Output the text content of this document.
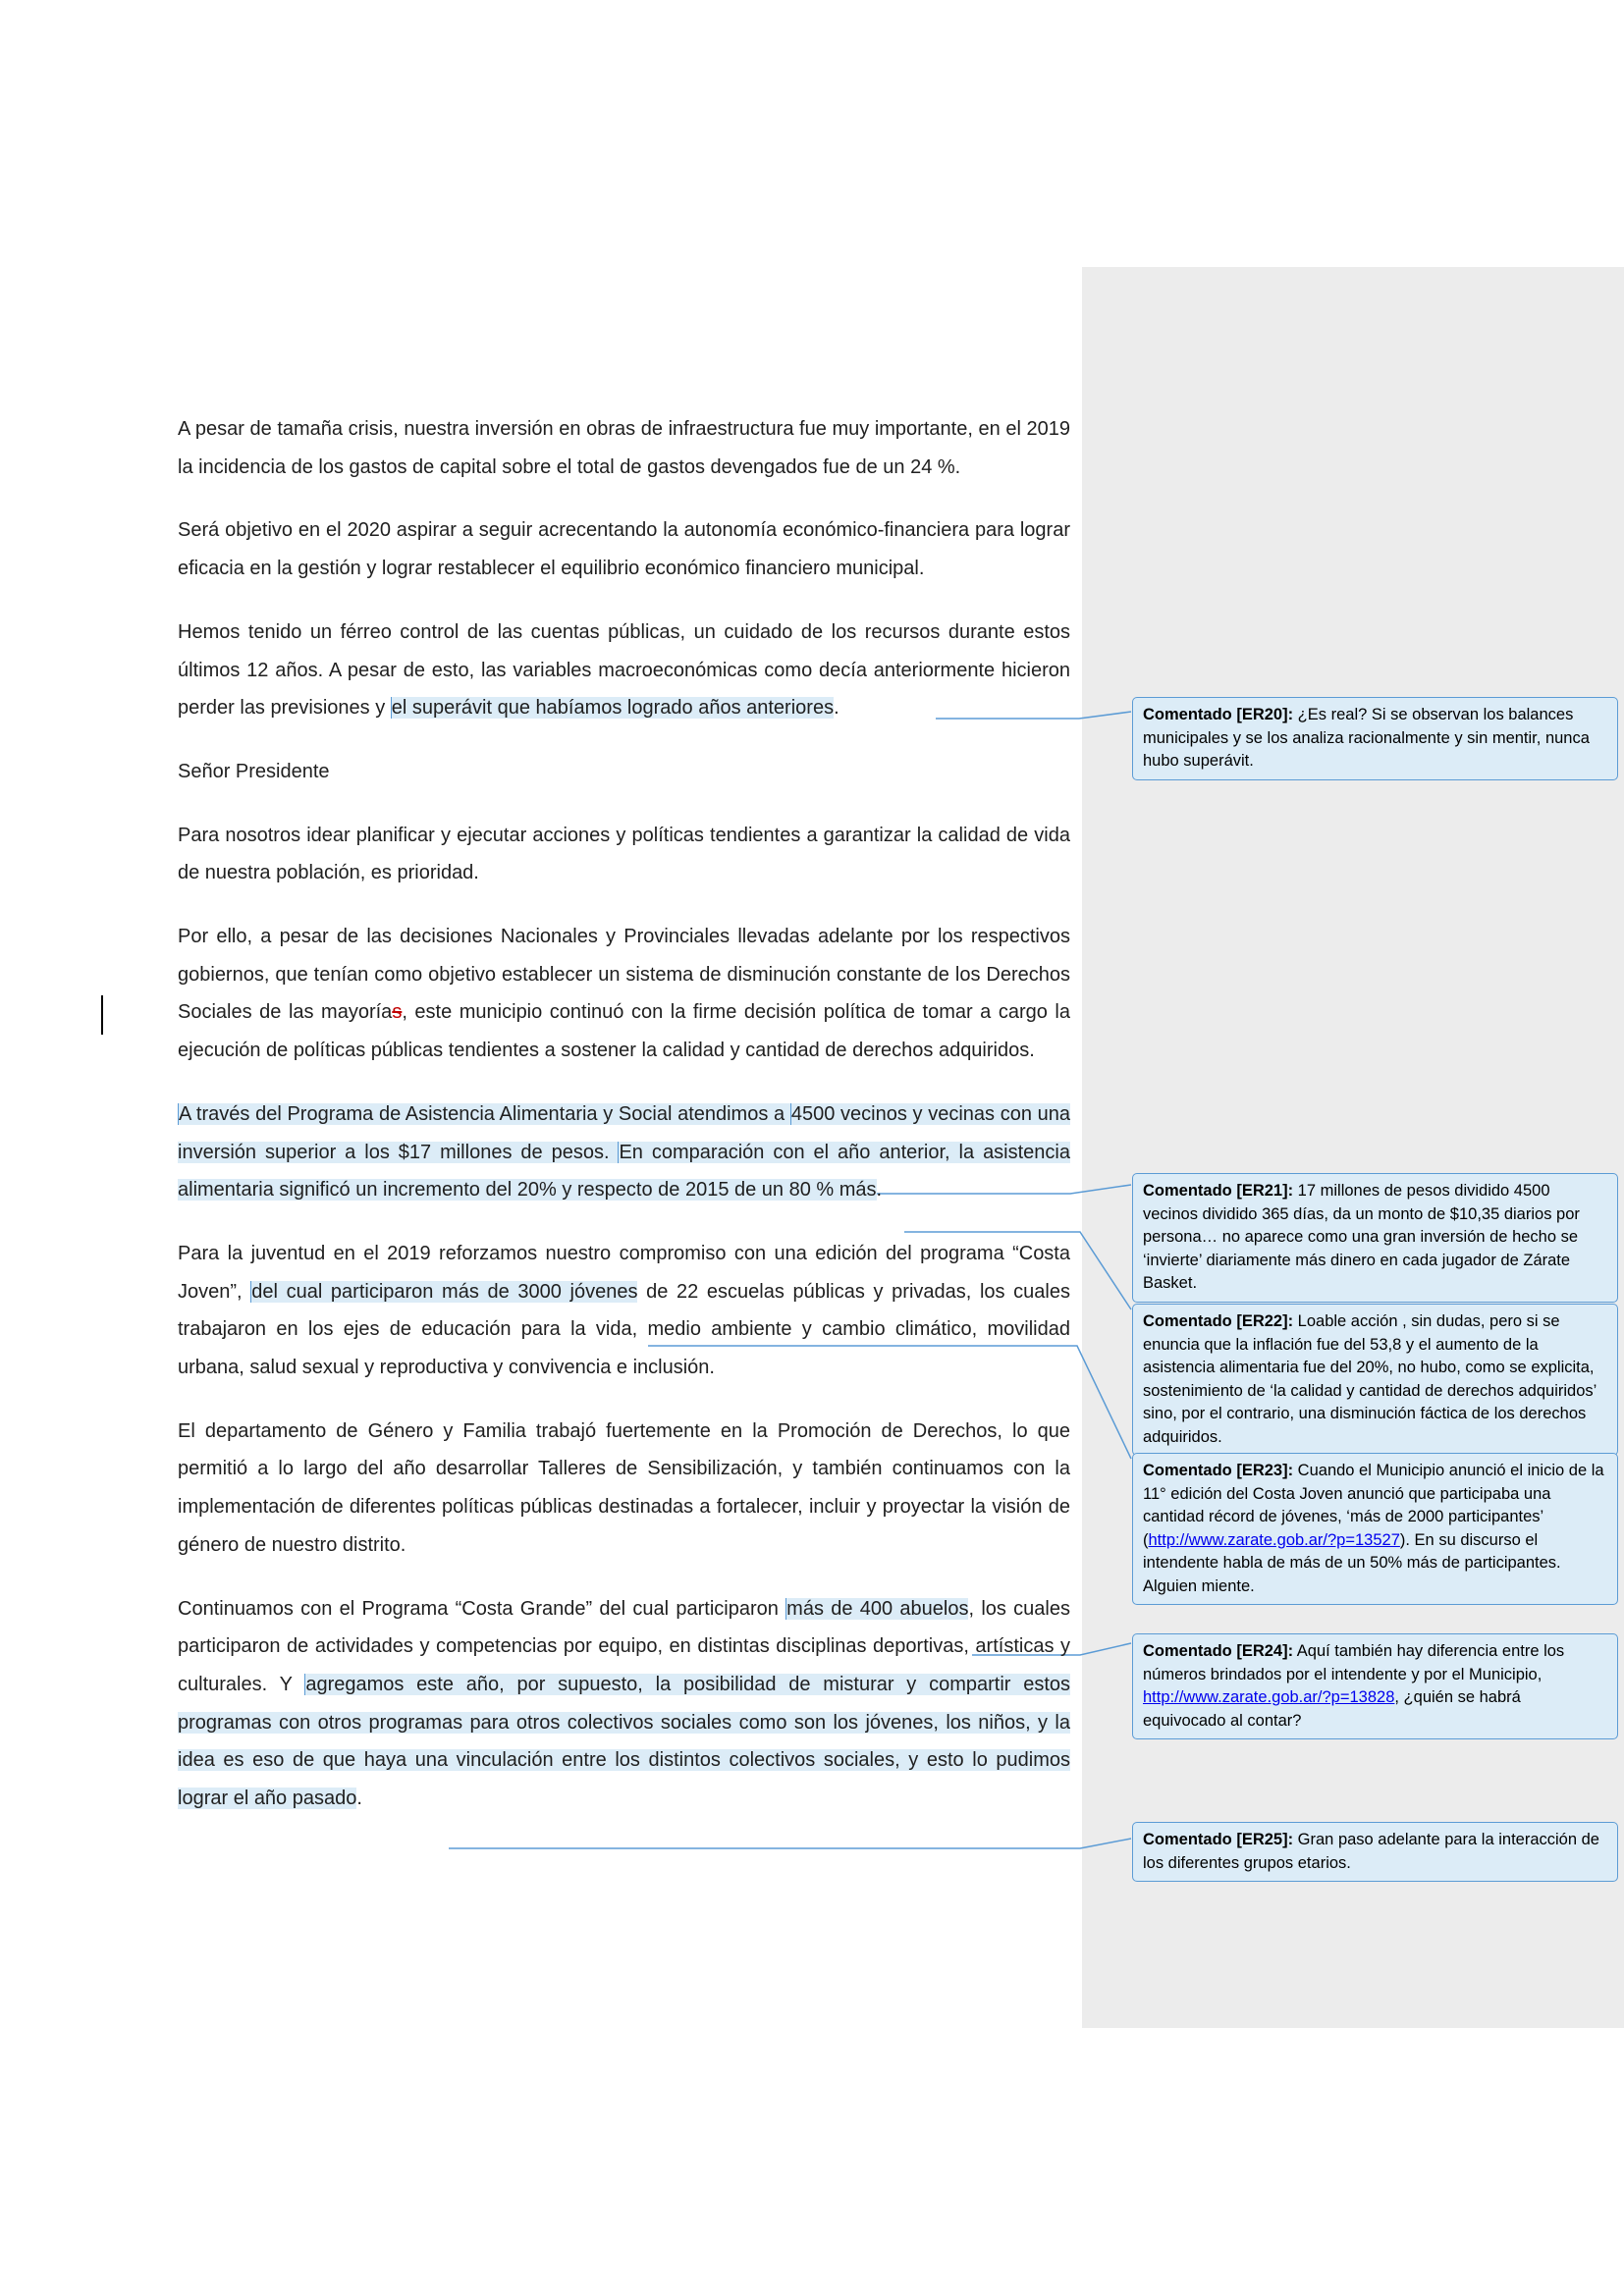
A pesar de tamaña crisis, nuestra inversión en obras de infraestructura fue muy importante, en el 2019 la incidencia de los gastos de capital sobre el total de gastos devengados fue de un 24 %.

Será objetivo en el 2020 aspirar a seguir acrecentando la autonomía económico-financiera para lograr eficacia en la gestión y lograr restablecer el equilibrio económico financiero municipal.

Hemos tenido un férreo control de las cuentas públicas, un cuidado de los recursos durante estos últimos 12 años. A pesar de esto, las variables macroeconómicas como decía anteriormente hicieron perder las previsiones y el superávit que habíamos logrado años anteriores.

Señor Presidente

Para nosotros idear planificar y ejecutar acciones y políticas tendientes a garantizar la calidad de vida de nuestra población, es prioridad.

Por ello, a pesar de las decisiones Nacionales y Provinciales llevadas adelante por los respectivos gobiernos, que tenían como objetivo establecer un sistema de disminución constante de los Derechos Sociales de las mayorías, este municipio continuó con la firme decisión política de tomar a cargo la ejecución de políticas públicas tendientes a sostener la calidad y cantidad de derechos adquiridos.

A través del Programa de Asistencia Alimentaria y Social atendimos a 4500 vecinos y vecinas con una inversión superior a los $17 millones de pesos. En comparación con el año anterior, la asistencia alimentaria significó un incremento del 20% y respecto de 2015 de un 80 % más.

Para la juventud en el 2019 reforzamos nuestro compromiso con una edición del programa “Costa Joven”, del cual participaron más de 3000 jóvenes de 22 escuelas públicas y privadas, los cuales trabajaron en los ejes de educación para la vida, medio ambiente y cambio climático, movilidad urbana, salud sexual y reproductiva y convivencia e inclusión.

El departamento de Género y Familia trabajó fuertemente en la Promoción de Derechos, lo que permitió a lo largo del año desarrollar Talleres de Sensibilización, y también continuamos con la implementación de diferentes políticas públicas destinadas a fortalecer, incluir y proyectar la visión de género de nuestro distrito.

Continuamos con el Programa “Costa Grande” del cual participaron más de 400 abuelos, los cuales participaron de actividades y competencias por equipo, en distintas disciplinas deportivas, artísticas y culturales. Y agregamos este año, por supuesto, la posibilidad de misturar y compartir estos programas con otros programas para otros colectivos sociales como son los jóvenes, los niños, y la idea es eso de que haya una vinculación entre los distintos colectivos sociales, y esto lo pudimos lograr el año pasado.

Comentado [ER20]: ¿Es real? Si se observan los balances municipales y se los analiza racionalmente y sin mentir, nunca hubo superávit.
Comentado [ER21]: 17 millones de pesos dividido 4500 vecinos dividido 365 días, da un monto de $10,35 diarios por persona… no aparece como una gran inversión de hecho se ‘invierte’ diariamente más dinero en cada jugador de Zárate Basket.
Comentado [ER22]: Loable acción , sin dudas, pero si se enuncia que la inflación fue del 53,8 y el aumento de la asistencia alimentaria fue del 20%, no hubo, como se explicita, sostenimiento de ‘la calidad y cantidad de derechos adquiridos’ sino, por el contrario, una disminución fáctica de los derechos adquiridos.
Comentado [ER23]: Cuando el Municipio anunció el inicio de la 11° edición del Costa Joven anunció que participaba una cantidad récord de jóvenes, ‘más de 2000 participantes’ (http://www.zarate.gob.ar/?p=13527). En su discurso el intendente habla de más de un 50% más de participantes. Alguien miente.
Comentado [ER24]: Aquí también hay diferencia entre los números brindados por el intendente y por el Municipio, http://www.zarate.gob.ar/?p=13828, ¿quién se habrá equivocado al contar?
Comentado [ER25]: Gran paso adelante para la interacción de los diferentes grupos etarios.
